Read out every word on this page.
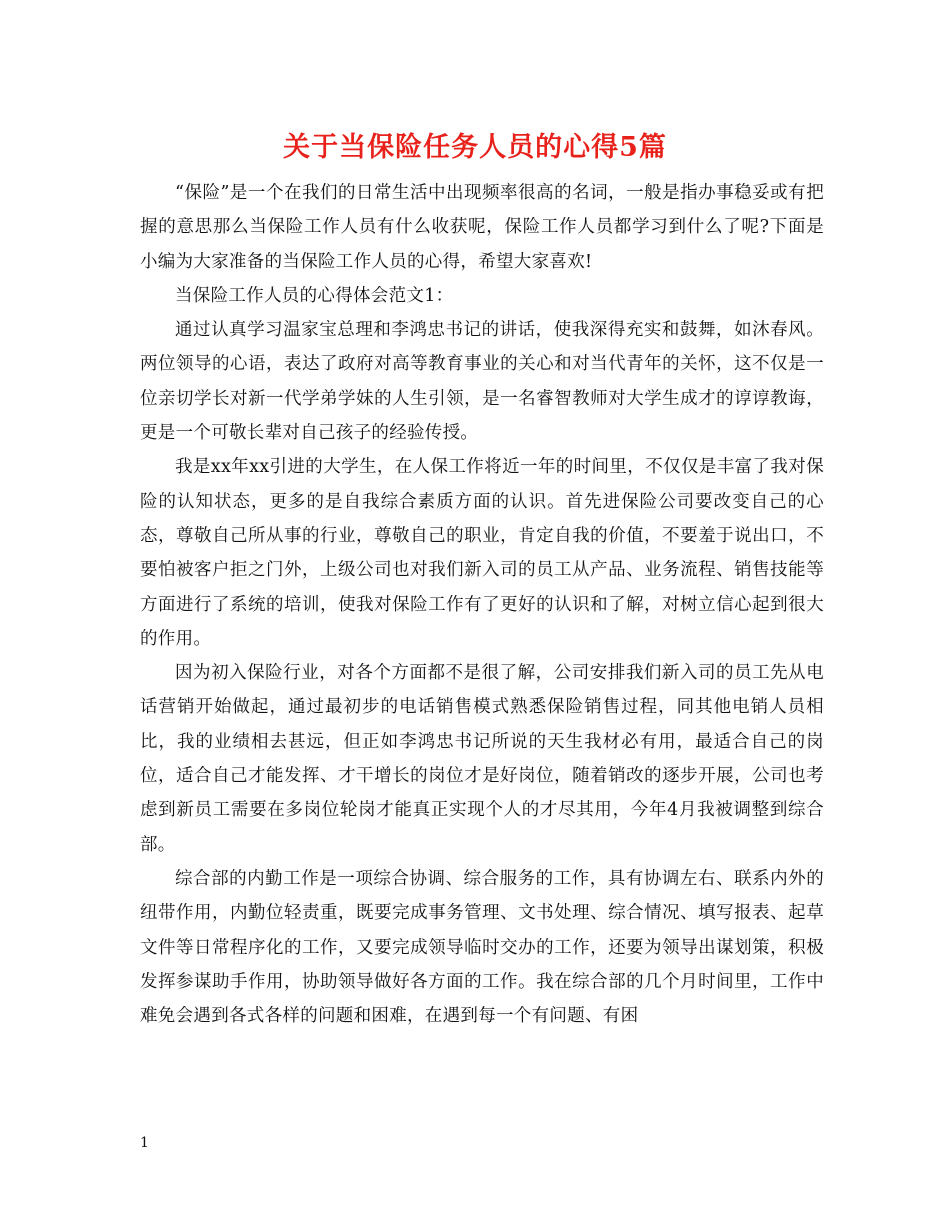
关于当保险任务人员的心得5篇

“保险”是一个在我们的日常生活中出现频率很高的名词，一般是指办事稳妥或有把握的意思那么当保险工作人员有什么收获呢，保险工作人员都学习到什么了呢?下面是小编为大家准备的当保险工作人员的心得，希望大家喜欢!

当保险工作人员的心得体会范文1：

通过认真学习温家宝总理和李鸿忠书记的讲话，使我深得充实和鼓舞，如沐春风。两位领导的心语，表达了政府对高等教育事业的关心和对当代青年的关怀，这不仅是一位亲切学长对新一代学弟学妹的人生引领，是一名睿智教师对大学生成才的谆谆教诲，更是一个可敬长辈对自己孩子的经验传授。

我是xx年xx引进的大学生，在人保工作将近一年的时间里，不仅仅是丰富了我对保险的认知状态，更多的是自我综合素质方面的认识。首先进保险公司要改变自己的心态，尊敬自己所从事的行业，尊敬自己的职业，肯定自我的价值，不要羞于说出口，不要怕被客户拒之门外，上级公司也对我们新入司的员工从产品、业务流程、销售技能等方面进行了系统的培训，使我对保险工作有了更好的认识和了解，对树立信心起到很大的作用。

因为初入保险行业，对各个方面都不是很了解，公司安排我们新入司的员工先从电话营销开始做起，通过最初步的电话销售模式熟悉保险销售过程，同其他电销人员相比，我的业绩相去甚远，但正如李鸿忠书记所说的天生我材必有用，最适合自己的岗位，适合自己才能发挥、才干增长的岗位才是好岗位，随着销改的逐步开展，公司也考虑到新员工需要在多岗位轮岗才能真正实现个人的才尽其用，今年4月我被调整到综合部。

综合部的内勤工作是一项综合协调、综合服务的工作，具有协调左右、联系内外的纽带作用，内勤位轻责重，既要完成事务管理、文书处理、综合情况、填写报表、起草文件等日常程序化的工作，又要完成领导临时交办的工作，还要为领导出谋划策，积极发挥参谋助手作用，协助领导做好各方面的工作。我在综合部的几个月时间里，工作中难免会遇到各式各样的问题和困难，在遇到每一个有问题、有困

1
